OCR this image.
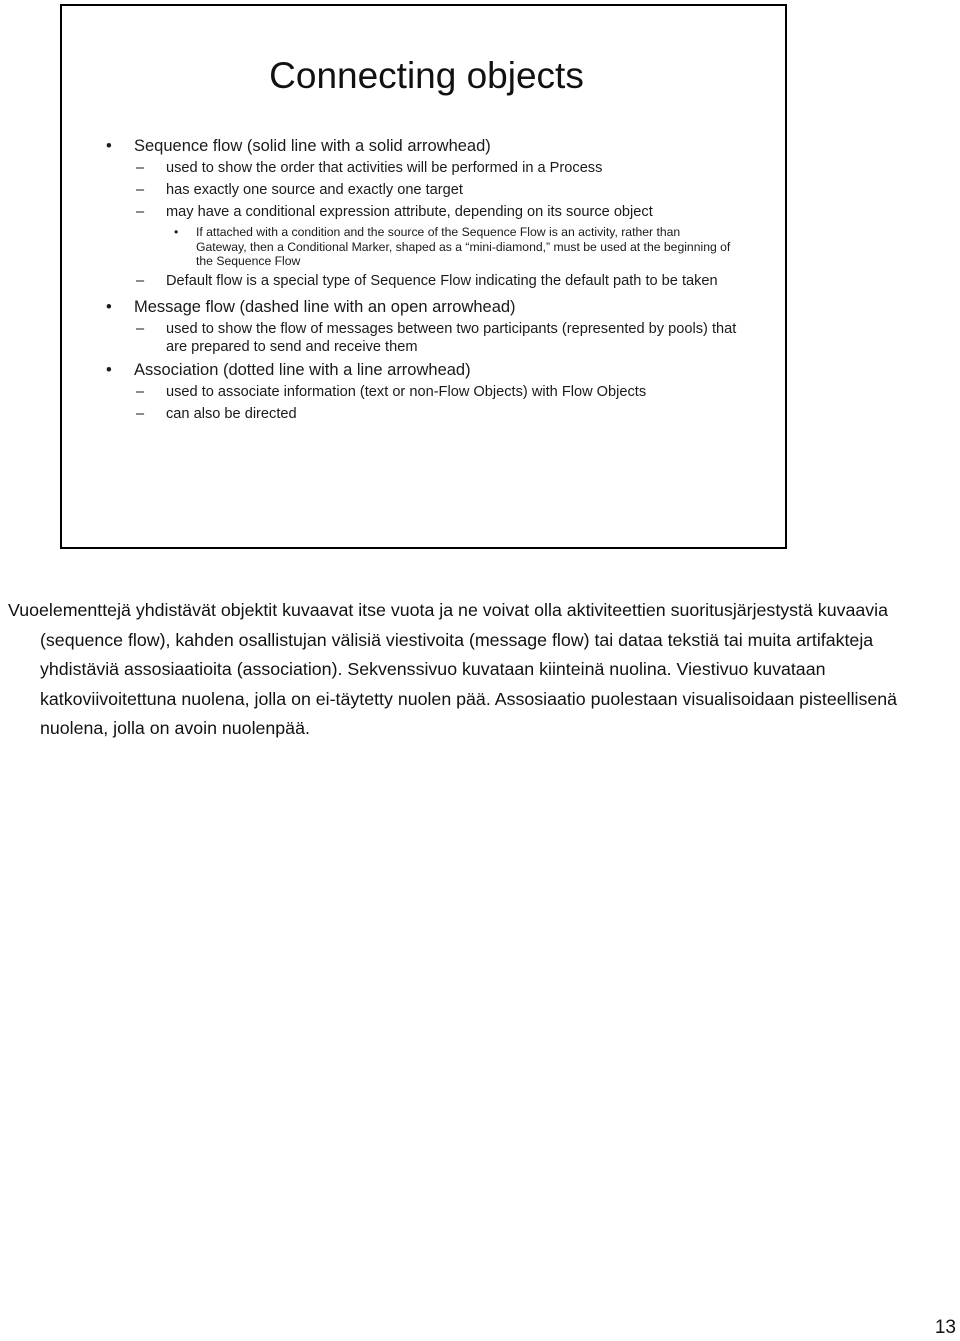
Connecting objects
• Sequence flow (solid line with a solid arrowhead)
– used to show the order that activities will be performed in a Process
– has exactly one source and exactly one target
– may have a conditional expression attribute, depending on its source object
• If attached with a condition and the source of the Sequence Flow is an activity, rather than Gateway, then a Conditional Marker, shaped as a “mini-diamond,” must be used at the beginning of the Sequence Flow
– Default flow is a special type of Sequence Flow indicating the default path to be taken
• Message flow (dashed line with an open arrowhead)
– used to show the flow of messages between two participants (represented by pools) that are prepared to send and receive them
• Association (dotted line with a line arrowhead)
– used to associate information (text or non-Flow Objects) with Flow Objects
– can also be directed
Vuoelementtejä yhdistävät objektit kuvaavat itse vuota ja ne voivat olla aktiviteettien suoritusjärjestystä kuvaavia (sequence flow), kahden osallistujan välisiä viestivoita (message flow) tai dataa tekstiä tai muita artifakteja yhdistäviä assosiaatioita (association). Sekvenssivuo kuvataan kiinteinä nuolina. Viestivuo kuvataan katkoviivoitettuna nuolena, jolla on ei-täytetty nuolen pää. Assosiaatio puolestaan visualisoidaan pisteellisenä nuolena, jolla on avoin nuolenpää.
13
